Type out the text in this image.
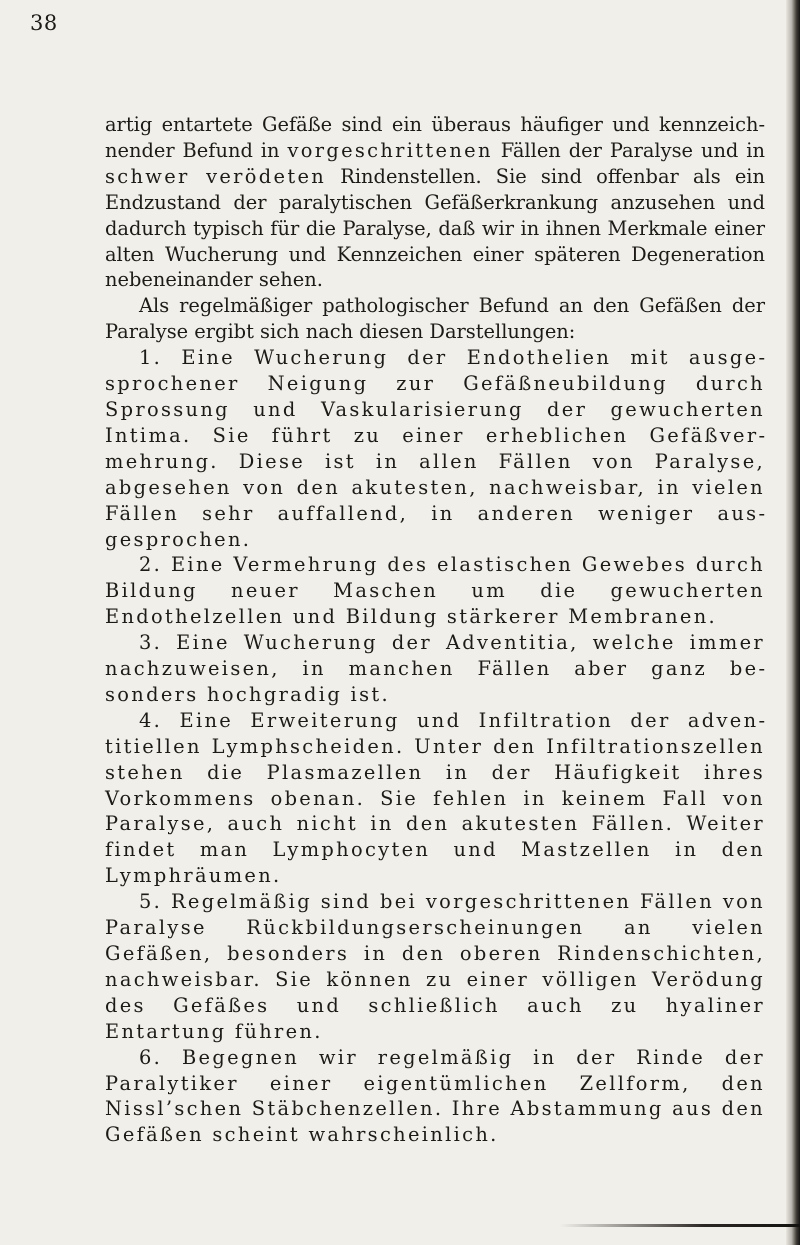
38

artig entartete Gefäße sind ein überaus häufiger und kennzeichnender Befund in vorgeschrittenen Fällen der Paralyse und in schwer verödeten Rindenstellen. Sie sind offenbar als ein Endzustand der paralytischen Gefäßerkrankung anzusehen und dadurch typisch für die Paralyse, daß wir in ihnen Merkmale einer alten Wucherung und Kennzeichen einer späteren Degeneration nebeneinander sehen.

Als regelmäßiger pathologischer Befund an den Gefäßen der Paralyse ergibt sich nach diesen Darstellungen:

1. Eine Wucherung der Endothelien mit ausgesprochener Neigung zur Gefäßneubildung durch Sprossung und Vaskularisierung der gewucherten Intima. Sie führt zu einer erheblichen Gefäßvermehrung. Diese ist in allen Fällen von Paralyse, abgesehen von den akutesten, nachweisbar, in vielen Fällen sehr auffallend, in anderen weniger ausgesprochen.

2. Eine Vermehrung des elastischen Gewebes durch Bildung neuer Maschen um die gewucherten Endothelzellen und Bildung stärkerer Membranen.

3. Eine Wucherung der Adventitia, welche immer nachzuweisen, in manchen Fällen aber ganz besonders hochgradig ist.

4. Eine Erweiterung und Infiltration der adventitiellen Lymphscheiden. Unter den Infiltrationszellen stehen die Plasmazellen in der Häufigkeit ihres Vorkommens obenan. Sie fehlen in keinem Fall von Paralyse, auch nicht in den akutesten Fällen. Weiter findet man Lymphocyten und Mastzellen in den Lymphräumen.

5. Regelmäßig sind bei vorgeschrittenen Fällen von Paralyse Rückbildungserscheinungen an vielen Gefäßen, besonders in den oberen Rindenschichten, nachweisbar. Sie können zu einer völligen Verödung des Gefäßes und schließlich auch zu hyaliner Entartung führen.

6. Begegnen wir regelmäßig in der Rinde der Paralytiker einer eigentümlichen Zellform, den Nissl’schen Stäbchenzellen. Ihre Abstammung aus den Gefäßen scheint wahrscheinlich.
